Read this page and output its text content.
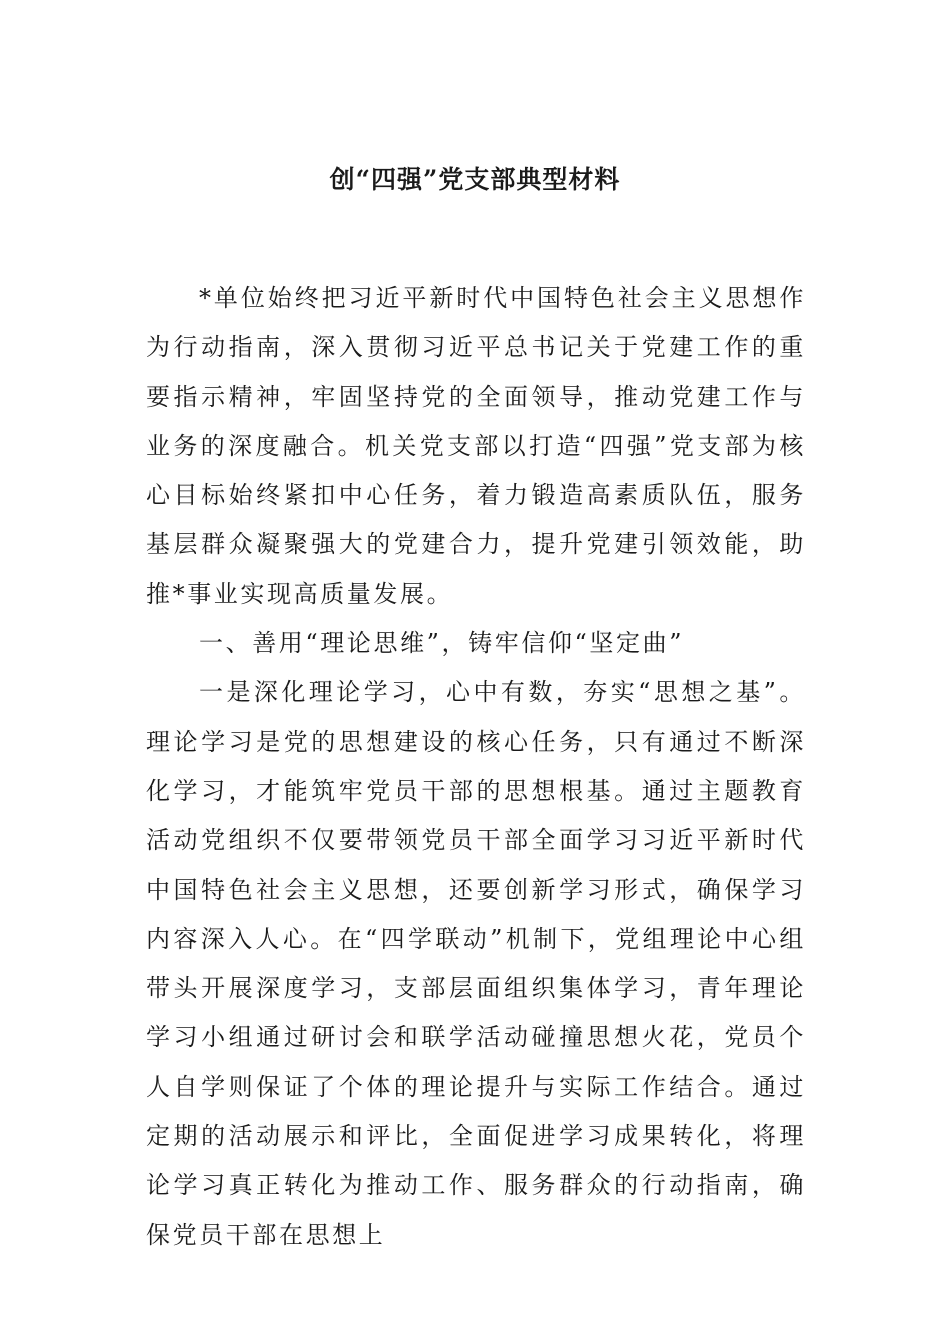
创“四强”党支部典型材料

*单位始终把习近平新时代中国特色社会主义思想作为行动指南，深入贯彻习近平总书记关于党建工作的重要指示精神，牢固坚持党的全面领导，推动党建工作与业务的深度融合。机关党支部以打造“四强”党支部为核心目标始终紧扣中心任务，着力锻造高素质队伍，服务基层群众凝聚强大的党建合力，提升党建引领效能，助推*事业实现高质量发展。

一、善用“理论思维”，铸牢信仰“坚定曲”

一是深化理论学习，心中有数，夯实“思想之基”。理论学习是党的思想建设的核心任务，只有通过不断深化学习，才能筑牢党员干部的思想根基。通过主题教育活动党组织不仅要带领党员干部全面学习习近平新时代中国特色社会主义思想，还要创新学习形式，确保学习内容深入人心。在“四学联动”机制下，党组理论中心组带头开展深度学习，支部层面组织集体学习，青年理论学习小组通过研讨会和联学活动碰撞思想火花，党员个人自学则保证了个体的理论提升与实际工作结合。通过定期的活动展示和评比，全面促进学习成果转化，将理论学习真正转化为推动工作、服务群众的行动指南，确保党员干部在思想上
